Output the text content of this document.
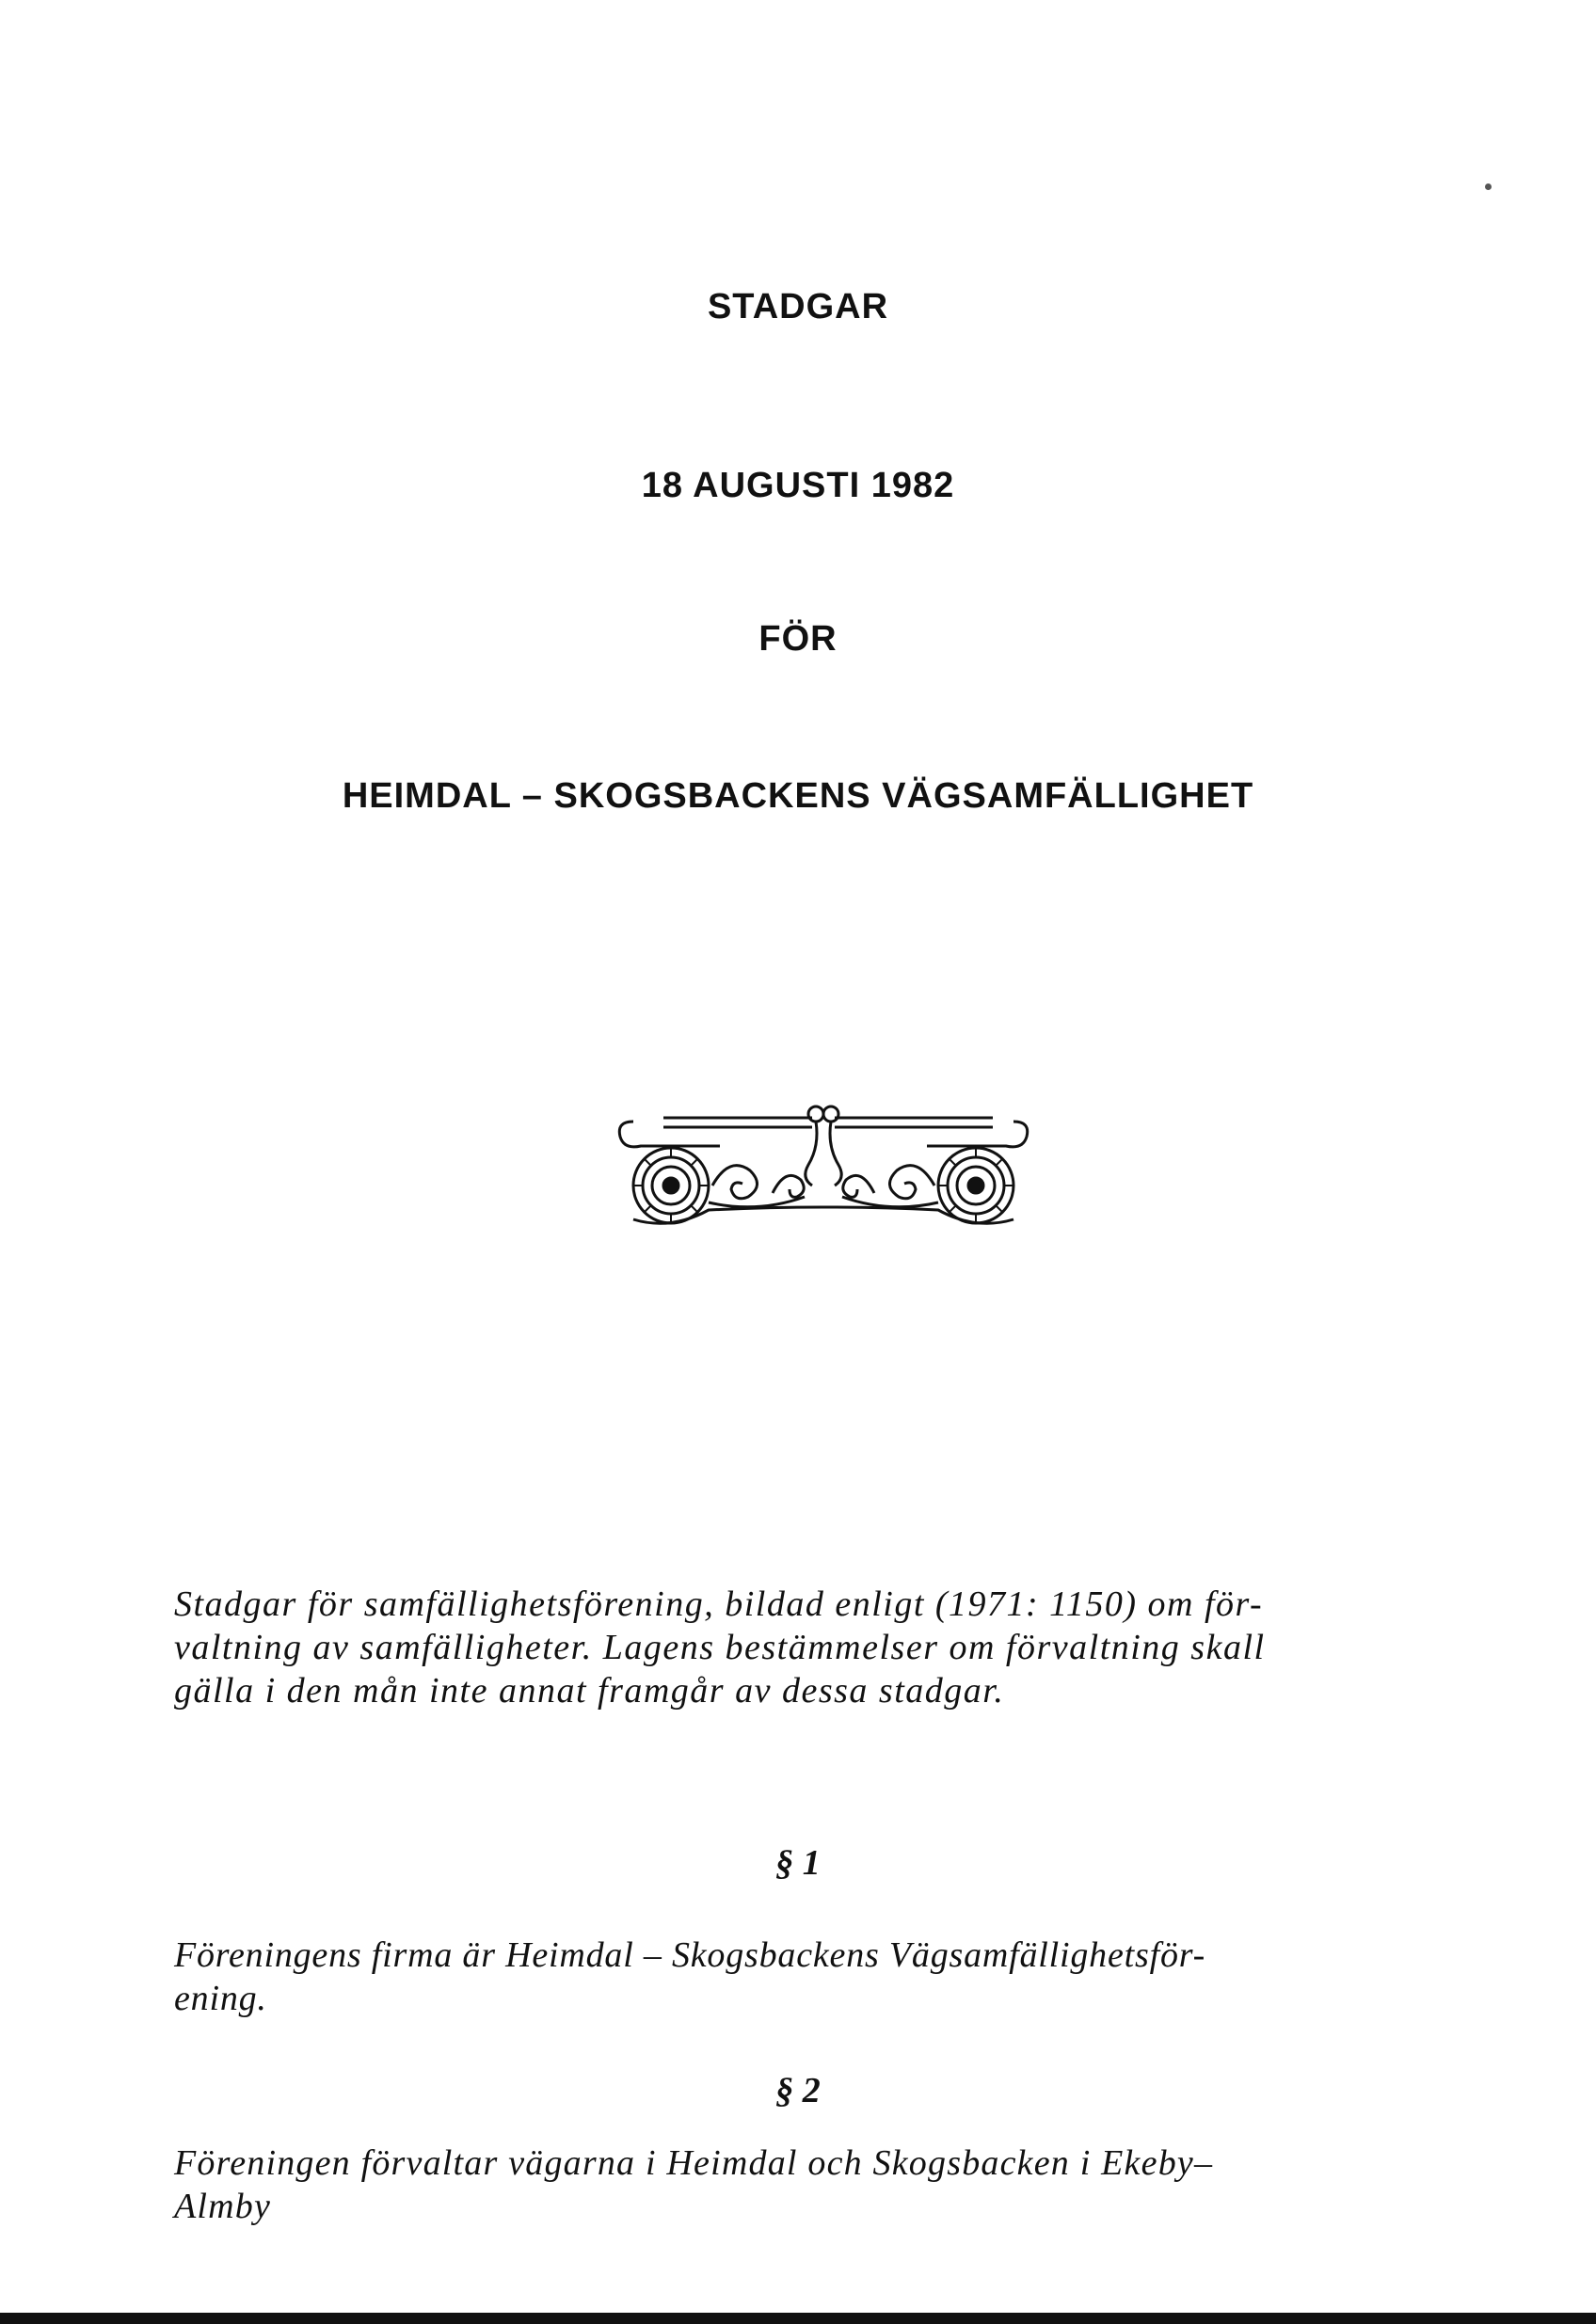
STADGAR
18 AUGUSTI 1982
FÖR
HEIMDAL – SKOGSBACKENS VÄGSAMFÄLLIGHET

Stadgar för samfällighetsförening, bildad enligt (1971: 1150) om för-
valtning av samfälligheter. Lagens bestämmelser om förvaltning skall
gälla i den mån inte annat framgår av dessa stadgar.

§ 1

Föreningens firma är Heimdal – Skogsbackens Vägsamfällighetsför-
ening.

§ 2

Föreningen förvaltar vägarna i Heimdal och Skogsbacken i Ekeby–
Almby
